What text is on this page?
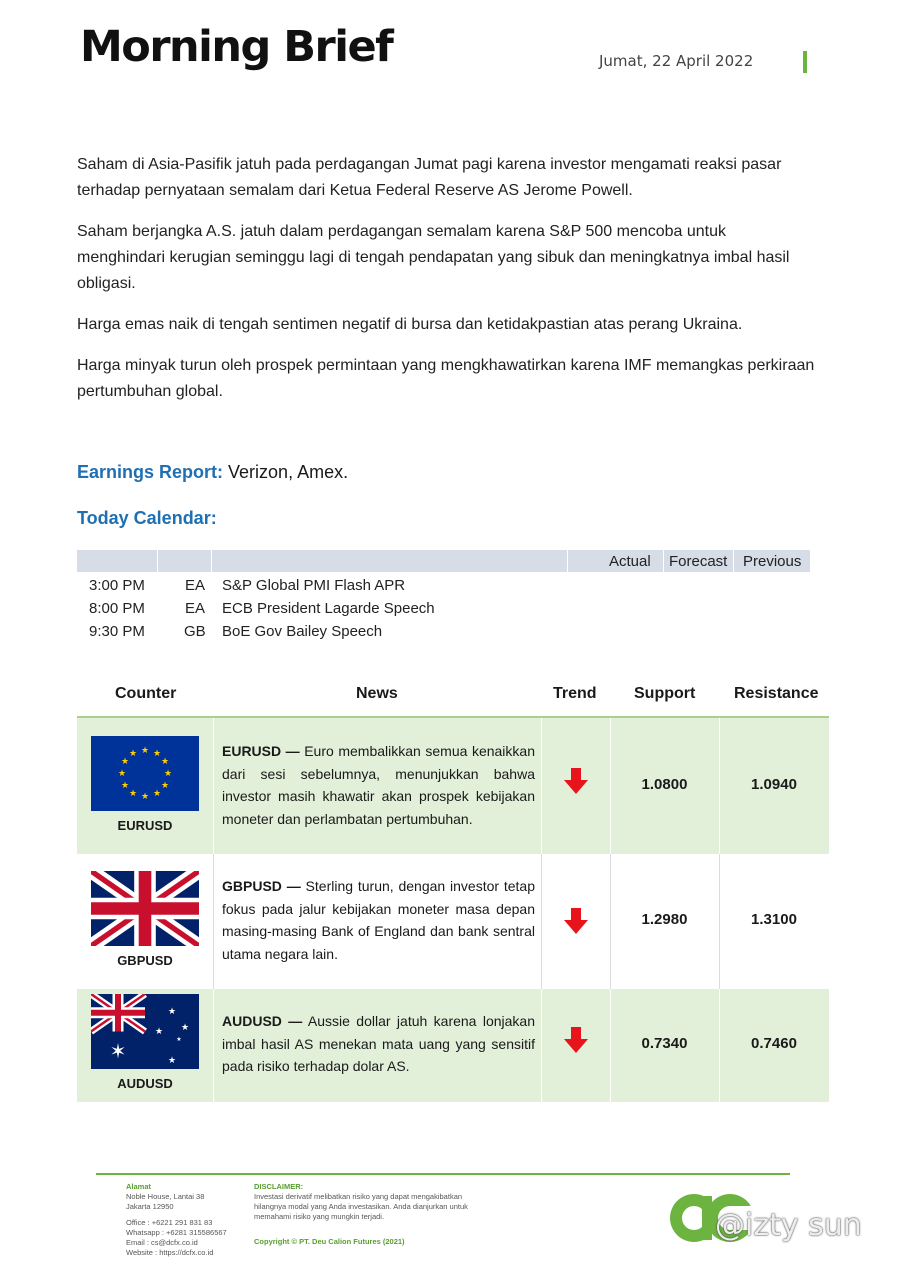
Morning Brief	Jumat, 22 April 2022

Saham di Asia-Pasifik jatuh pada perdagangan Jumat pagi karena investor mengamati reaksi pasar terhadap pernyataan semalam dari Ketua Federal Reserve AS Jerome Powell.

Saham berjangka A.S. jatuh dalam perdagangan semalam karena S&P 500 mencoba untuk menghindari kerugian seminggu lagi di tengah pendapatan yang sibuk dan meningkatnya imbal hasil obligasi.

Harga emas naik di tengah sentimen negatif di bursa dan ketidakpastian atas perang Ukraina.

Harga minyak turun oleh prospek permintaan yang mengkhawatirkan karena IMF memangkas perkiraan pertumbuhan global.

Earnings Report: Verizon, Amex.
Today Calendar:
Actual Forecast Previous
3:00 PM	EA S&P Global PMI Flash APR
8:00 PM	EA ECB President Lagarde Speech
9:30 PM	GB BoE Gov Bailey Speech
Counter	News	Trend Support Resistance
★ ★
★
★
★
★
★
★
★
★
★
★
EURUSD
EURUSD — Euro membalikkan semua kenaikkan dari sesi sebelumnya, menunjukkan bahwa investor masih khawatir akan prospek kebijakan moneter dan perlambatan pertumbuhan.
1.0800	1.0940
GBPUSD
GBPUSD — Sterling turun, dengan investor tetap fokus pada jalur kebijakan moneter masa depan masing-masing Bank of England dan bank sentral utama negara lain.
1.2980	1.3100
✶
★
★
★
★
★
AUDUSD
AUDUSD — Aussie dollar jatuh karena lonjakan imbal hasil AS menekan mata uang yang sensitif pada risiko terhadap dolar AS.
0.7340	0.7460
Alamat
Noble House, Lantai 38
Jakarta 12950
Office : +6221 291 831 83
Whatsapp : +6281 315586567
Email : cs@dcfx.co.id
Website : https://dcfx.co.id
DISCLAIMER:
Investasi derivatif melibatkan risiko yang dapat mengakibatkan
hilangnya modal yang Anda investasikan. Anda dianjurkan untuk
memahami risiko yang mungkin terjadi.
Copyright © PT. Deu Calion Futures (2021)	@izty sun
